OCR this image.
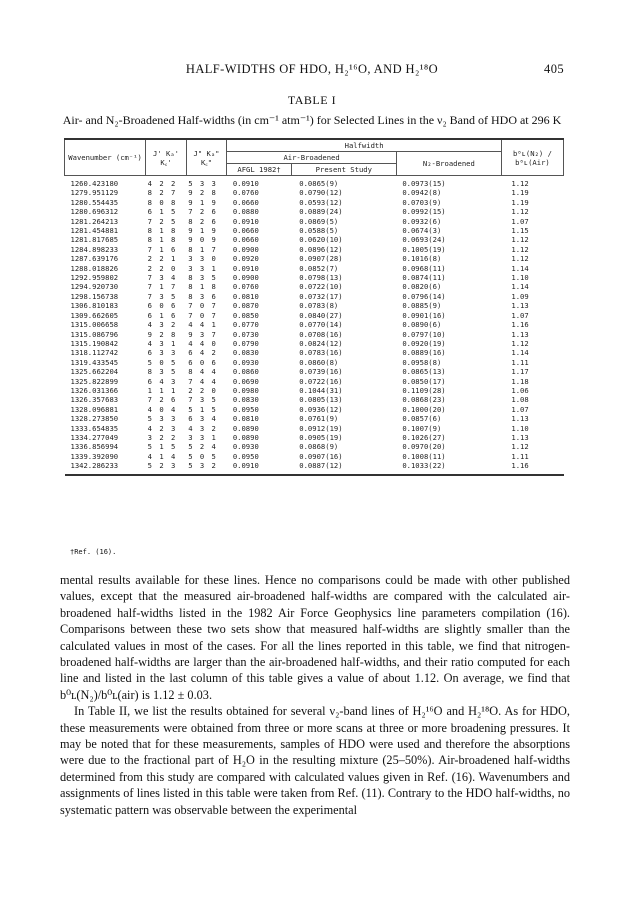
HALF-WIDTHS OF HDO, H₂¹⁶O, AND H₂¹⁸O	405
TABLE I
Air- and N₂-Broadened Half-widths (in cm⁻¹ atm⁻¹) for Selected Lines in the ν₂ Band of HDO at 296 K
Wavenumber (cm⁻¹)	J' Kₐ' K꜀'	J" Kₐ" K꜀"	Halfwidth			b⁰ʟ(N₂) / b⁰ʟ(Air)
			Air-Broadened		N₂-Broadened	
			AFGL 1982†	Present Study		
1260.423180	4 2 2	5 3 3	0.0910	0.0865(9)	0.0973(15)	1.12
1279.951129	8 2 7	9 2 8	0.0760	0.0790(12)	0.0942(8)	1.19
1280.554435	8 0 8	9 1 9	0.0660	0.0593(12)	0.0703(9)	1.19
1280.696312	6 1 5	7 2 6	0.0880	0.0889(24)	0.0992(15)	1.12
1281.264213	7 2 5	8 2 6	0.0910	0.0869(5)	0.0932(6)	1.07
1281.454881	8 1 8	9 1 9	0.0660	0.0588(5)	0.0674(3)	1.15
1281.817685	8 1 8	9 0 9	0.0660	0.0620(10)	0.0693(24)	1.12
1284.898233	7 1 6	8 1 7	0.0900	0.0896(12)	0.1005(19)	1.12
1287.639176	2 2 1	3 3 0	0.0920	0.0907(28)	0.1016(8)	1.12
1288.018826	2 2 0	3 3 1	0.0910	0.0852(7)	0.0968(11)	1.14
1292.959802	7 3 4	8 3 5	0.0900	0.0798(13)	0.0874(11)	1.10
1294.920730	7 1 7	8 1 8	0.0760	0.0722(10)	0.0820(6)	1.14
1298.156738	7 3 5	8 3 6	0.0810	0.0732(17)	0.0796(14)	1.09
1306.810183	6 0 6	7 0 7	0.0870	0.0783(8)	0.0885(9)	1.13
1309.662605	6 1 6	7 0 7	0.0850	0.0840(27)	0.0901(16)	1.07
1315.006658	4 3 2	4 4 1	0.0770	0.0770(14)	0.0890(6)	1.16
1315.086796	9 2 8	9 3 7	0.0730	0.0708(16)	0.0797(10)	1.13
1315.190842	4 3 1	4 4 0	0.0790	0.0824(12)	0.0920(19)	1.12
1318.112742	6 3 3	6 4 2	0.0830	0.0783(16)	0.0889(16)	1.14
1319.433545	5 0 5	6 0 6	0.0930	0.0860(8)	0.0958(8)	1.11
1325.662204	8 3 5	8 4 4	0.0860	0.0739(16)	0.0865(13)	1.17
1325.822899	6 4 3	7 4 4	0.0690	0.0722(16)	0.0850(17)	1.18
1326.031366	1 1 1	2 2 0	0.0980	0.1044(31)	0.1109(28)	1.06
1326.357683	7 2 6	7 3 5	0.0830	0.0805(13)	0.0868(23)	1.08
1328.096881	4 0 4	5 1 5	0.0950	0.0936(12)	0.1000(20)	1.07
1328.273850	5 3 3	6 3 4	0.0810	0.0761(9)	0.0857(6)	1.13
1333.654835	4 2 3	4 3 2	0.0890	0.0912(19)	0.1007(9)	1.10
1334.277049	3 2 2	3 3 1	0.0890	0.0905(19)	0.1026(27)	1.13
1336.856994	5 1 5	5 2 4	0.0930	0.0868(9)	0.0970(20)	1.12
1339.392090	4 1 4	5 0 5	0.0950	0.0907(16)	0.1008(11)	1.11
1342.286233	5 2 3	5 3 2	0.0910	0.0887(12)	0.1033(22)	1.16
†Ref. (16).

mental results available for these lines. Hence no comparisons could be made with other published values, except that the measured air-broadened half-widths are compared with the calculated air-broadened half-widths listed in the 1982 Air Force Geophysics line parameters compilation (16). Comparisons between these two sets show that measured half-widths are slightly smaller than the calculated values in most of the cases. For all the lines reported in this table, we find that nitrogen-broadened half-widths are larger than the air-broadened half-widths, and their ratio computed for each line and listed in the last column of this table gives a value of about 1.12. On average, we find that b⁰ʟ(N₂)/b⁰ʟ(air) is 1.12 ± 0.03.

In Table II, we list the results obtained for several ν₂-band lines of H₂¹⁶O and H₂¹⁸O. As for HDO, these measurements were obtained from three or more scans at three or more broadening pressures. It may be noted that for these measurements, samples of HDO were used and therefore the absorptions were due to the fractional part of H₂O in the resulting mixture (25–50%). Air-broadened half-widths determined from this study are compared with calculated values given in Ref. (16). Wavenumbers and assignments of lines listed in this table were taken from Ref. (11). Contrary to the HDO half-widths, no systematic pattern was observable between the experimental
